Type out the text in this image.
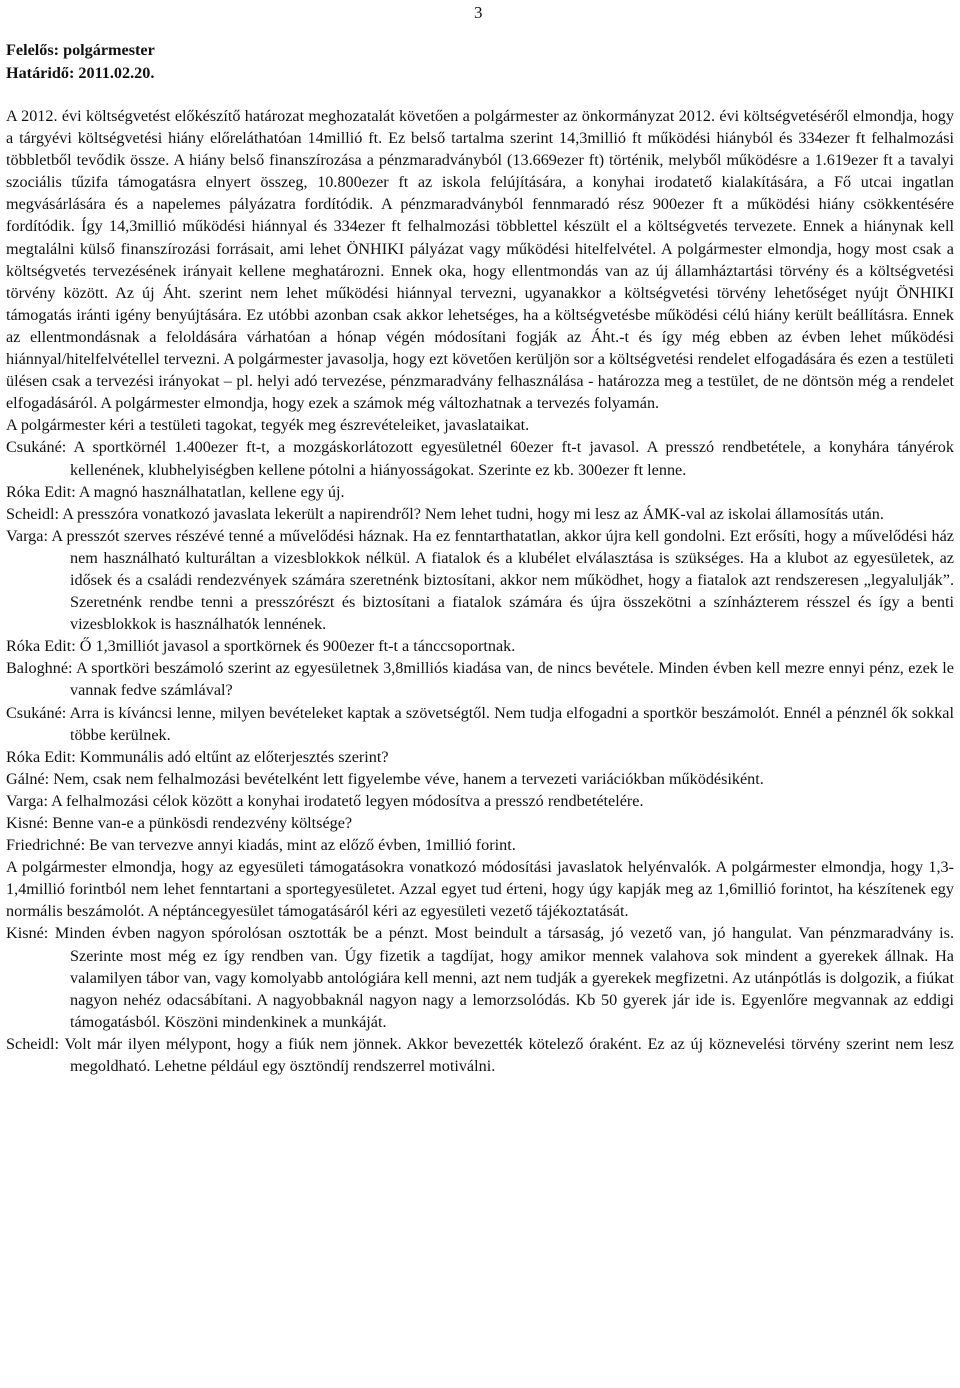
3
Felelős: polgármester
Határidő: 2011.02.20.

A 2012. évi költségvetést előkészítő határozat meghozatalát követően a polgármester az önkormányzat 2012. évi költségvetéséről elmondja, hogy a tárgyévi költségvetési hiány előreláthatóan 14millió ft. Ez belső tartalma szerint 14,3millió ft működési hiányból és 334ezer ft felhalmozási többletből tevődik össze. A hiány belső finanszírozása a pénzmaradványból (13.669ezer ft) történik, melyből működésre a 1.619ezer ft a tavalyi szociális tűzifa támogatásra elnyert összeg, 10.800ezer ft az iskola felújítására, a konyhai irodatető kialakítására, a Fő utcai ingatlan megvásárlására és a napelemes pályázatra fordítódik. A pénzmaradványból fennmaradó rész 900ezer ft a működési hiány csökkentésére fordítódik. Így 14,3millió működési hiánnyal és 334ezer ft felhalmozási többlettel készült el a költségvetés tervezete. Ennek a hiánynak kell megtalálni külső finanszírozási forrásait, ami lehet ÖNHIKI pályázat vagy működési hitelfelvétel. A polgármester elmondja, hogy most csak a költségvetés tervezésének irányait kellene meghatározni. Ennek oka, hogy ellentmondás van az új államháztartási törvény és a költségvetési törvény között. Az új Áht. szerint nem lehet működési hiánnyal tervezni, ugyanakkor a költségvetési törvény lehetőséget nyújt ÖNHIKI támogatás iránti igény benyújtására. Ez utóbbi azonban csak akkor lehetséges, ha a költségvetésbe működési célú hiány került beállításra. Ennek az ellentmondásnak a feloldására várhatóan a hónap végén módosítani fogják az Áht.-t és így még ebben az évben lehet működési hiánnyal/hitelfelvétellel tervezni. A polgármester javasolja, hogy ezt követően kerüljön sor a költségvetési rendelet elfogadására és ezen a testületi ülésen csak a tervezési irányokat – pl. helyi adó tervezése, pénzmaradvány felhasználása - határozza meg a testület, de ne döntsön még a rendelet elfogadásáról. A polgármester elmondja, hogy ezek a számok még változhatnak a tervezés folyamán.

A polgármester kéri a testületi tagokat, tegyék meg észrevételeiket, javaslataikat.

Csukáné: A sportkörnél 1.400ezer ft-t, a mozgáskorlátozott egyesületnél 60ezer ft-t javasol. A presszó rendbetétele, a konyhára tányérok kellenének, klubhelyiségben kellene pótolni a hiányosságokat. Szerinte ez kb. 300ezer ft lenne.

Róka Edit: A magnó használhatatlan, kellene egy új.

Scheidl: A presszóra vonatkozó javaslata lekerült a napirendről? Nem lehet tudni, hogy mi lesz az ÁMK-val az iskolai államosítás után.

Varga: A presszót szerves részévé tenné a művelődési háznak. Ha ez fenntarthatatlan, akkor újra kell gondolni. Ezt erősíti, hogy a művelődési ház nem használható kulturáltan a vizesblokkok nélkül. A fiatalok és a klubélet elválasztása is szükséges. Ha a klubot az egyesületek, az idősek és a családi rendezvények számára szeretnénk biztosítani, akkor nem működhet, hogy a fiatalok azt rendszeresen „legyalulják”. Szeretnénk rendbe tenni a presszórészt és biztosítani a fiatalok számára és újra összekötni a színházterem résszel és így a benti vizesblokkok is használhatók lennének.

Róka Edit: Ő 1,3milliót javasol a sportkörnek és 900ezer ft-t a tánccsoportnak.

Baloghné: A sportköri beszámoló szerint az egyesületnek 3,8milliós kiadása van, de nincs bevétele. Minden évben kell mezre ennyi pénz, ezek le vannak fedve számlával?

Csukáné: Arra is kíváncsi lenne, milyen bevételeket kaptak a szövetségtől. Nem tudja elfogadni a sportkör beszámolót. Ennél a pénznél ők sokkal többe kerülnek.

Róka Edit: Kommunális adó eltűnt az előterjesztés szerint?

Gálné: Nem, csak nem felhalmozási bevételként lett figyelembe véve, hanem a tervezeti variációkban működésiként.

Varga: A felhalmozási célok között a konyhai irodatető legyen módosítva a presszó rendbetételére.

Kisné: Benne van-e a pünkösdi rendezvény költsége?

Friedrichné: Be van tervezve annyi kiadás, mint az előző évben, 1millió forint.

A polgármester elmondja, hogy az egyesületi támogatásokra vonatkozó módosítási javaslatok helyénvalók. A polgármester elmondja, hogy 1,3-1,4millió forintból nem lehet fenntartani a sportegyesületet. Azzal egyet tud érteni, hogy úgy kapják meg az 1,6millió forintot, ha készítenek egy normális beszámolót. A néptáncegyesület támogatásáról kéri az egyesületi vezető tájékoztatását.

Kisné: Minden évben nagyon spórolósan osztották be a pénzt. Most beindult a társaság, jó vezető van, jó hangulat. Van pénzmaradvány is. Szerinte most még ez így rendben van. Úgy fizetik a tagdíjat, hogy amikor mennek valahova sok mindent a gyerekek állnak. Ha valamilyen tábor van, vagy komolyabb antológiára kell menni, azt nem tudják a gyerekek megfizetni. Az utánpótlás is dolgozik, a fiúkat nagyon nehéz odacsábítani. A nagyobbaknál nagyon nagy a lemorzsolódás. Kb 50 gyerek jár ide is. Egyenlőre megvannak az eddigi támogatásból. Köszöni mindenkinek a munkáját.

Scheidl: Volt már ilyen mélypont, hogy a fiúk nem jönnek. Akkor bevezették kötelező óraként. Ez az új köznevelési törvény szerint nem lesz megoldható. Lehetne például egy ösztöndíj rendszerrel motiválni.
